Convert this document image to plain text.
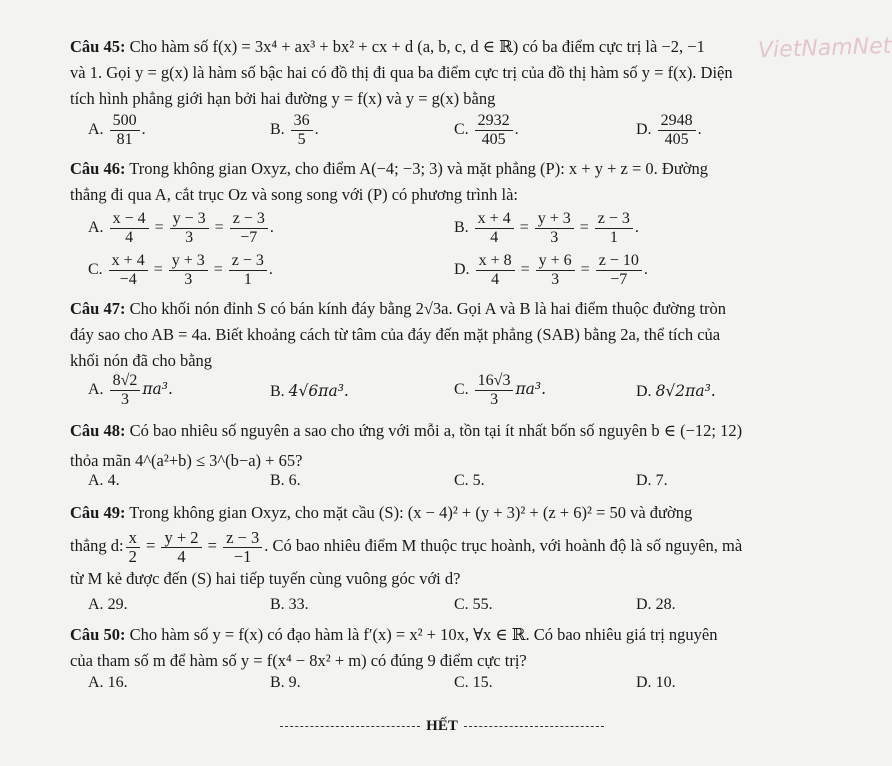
VietNamNet
Câu 45: Cho hàm số f(x) = 3x⁴ + ax³ + bx² + cx + d (a, b, c, d ∈ ℝ) có ba điểm cực trị là −2, −1
và 1. Gọi y = g(x) là hàm số bậc hai có đồ thị đi qua ba điểm cực trị của đồ thị hàm số y = f(x). Diện
tích hình phẳng giới hạn bởi hai đường y = f(x) và y = g(x) bằng
A. $\frac{500}{81}$ .	B. $\frac{36}{5}$ .	C. $\frac{2932}{405}$ .	D. $\frac{2948}{405}$ .
Câu 46: Trong không gian Oxyz, cho điểm A(−4; −3; 3) và mặt phẳng (P): x + y + z = 0. Đường
thẳng đi qua A, cắt trục Oz và song song với (P) có phương trình là:
A. $\frac{x - 4}{4} = \frac{y - 3}{3} = \frac{z - 3}{-7}$ .	B. $\frac{x + 4}{4} = \frac{y + 3}{3} = \frac{z - 3}{1}$ .
C. $\frac{x + 4}{-4} = \frac{y + 3}{3} = \frac{z - 3}{1}$ .	D. $\frac{x + 8}{4} = \frac{y + 6}{3} = \frac{z - 10}{-7}$ .
Câu 47: Cho khối nón đỉnh S có bán kính đáy bằng 2√3a. Gọi A và B là hai điểm thuộc đường tròn
đáy sao cho AB = 4a. Biết khoảng cách từ tâm của đáy đến mặt phẳng (SAB) bằng 2a, thể tích của
khối nón đã cho bằng
A. $\frac{8√2}{3} \pi a^3$.	B. 4√6πa³.	C. $\frac{16√3}{3} \pi a^3$.	D. 8√2πa³.
Câu 48: Có bao nhiêu số nguyên a sao cho ứng với mỗi a, tồn tại ít nhất bốn số nguyên b ∈ (−12; 12)
thỏa mãn 4^(a²+b) ≤ 3^(b−a) + 65?
A. 4.	B. 6.	C. 5.	D. 7.
Câu 49: Trong không gian Oxyz, cho mặt cầu (S): (x − 4)² + (y + 3)² + (z + 6)² = 50 và đường
thẳng d: $\frac{x}{2} = \frac{y + 2}{4} = \frac{z - 3}{-1}$ . Có bao nhiêu điểm M thuộc trục hoành, với hoành độ là số nguyên, mà
từ M kẻ được đến (S) hai tiếp tuyến cùng vuông góc với d?
A. 29.	B. 33.	C. 55.	D. 28.
Câu 50: Cho hàm số y = f(x) có đạo hàm là f′(x) = x² + 10x, ∀x ∈ ℝ. Có bao nhiêu giá trị nguyên
của tham số m để hàm số y = f(x⁴ − 8x² + m) có đúng 9 điểm cực trị?
A. 16.	B. 9.	C. 15.	D. 10.
HẾT
